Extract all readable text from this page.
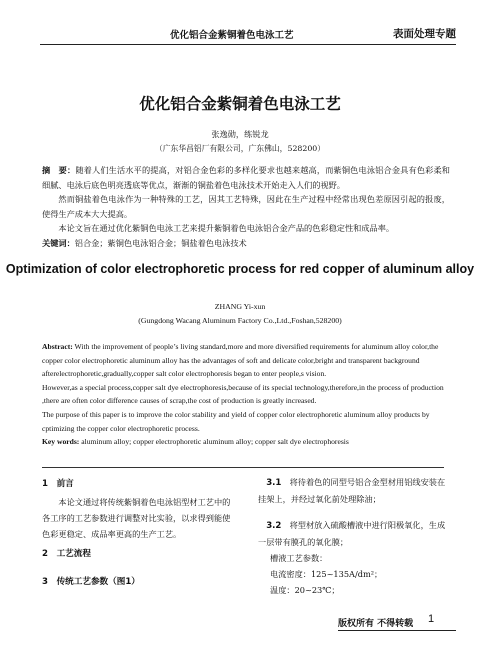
优化铝合金紫铜着色电泳工艺	表面处理专题
优化铝合金紫铜着色电泳工艺
张逸勋，练锐龙
（广东华昌铝厂有限公司，广东佛山，528200）

摘　要：随着人们生活水平的提高，对铝合金色彩的多样化要求也越来越高，而紫铜色电泳铝合金具有色彩柔和细腻、电泳后底色明亮透底等优点，渐渐的铜盐着色电泳技术开始走入人们的视野。

然而铜盐着色电泳作为一种特殊的工艺，因其工艺特殊，因此在生产过程中经常出现色差原因引起的报废，使得生产成本大大提高。

本论文旨在通过优化紫铜色电泳工艺来提升紫铜着色电泳铝合金产品的色彩稳定性和成品率。

关键词：铝合金；紫铜色电泳铝合金；铜盐着色电泳技术

Optimization of color electrophoretic process for red copper of aluminum alloy
ZHANG Yi-xun
(Gungdong Wacang Aluminum Factory Co.,Ltd.,Foshan,528200)

Abstract: With the improvement of people’s living standard,more and more diversified requirements for aluminum alloy color,the copper color electrophoretic aluminum alloy has the advantages of soft and delicate color,bright and transparent background afterelectrophoretic,gradually,copper salt color electrophoresis began to enter people,s vision.

However,as a special process,copper salt dye electrophoresis,because of its special technology,therefore,in the process of production ,there are often color difference causes of scrap,the cost of production is greatly increased.

The purpose of this paper is to improve the color stability and yield of copper color electrophoretic aluminum alloy products by cptimizing the copper color electrophoretic process.

Key words: aluminum alloy; copper electrophoretic aluminum alloy; copper salt dye electrophoresis

1　前言

本论文通过将传统紫铜着色电泳铝型材工艺中的各工序的工艺参数进行调整对比实验，以求得到能使色彩更稳定、成品率更高的生产工艺。

2　工艺流程
3　传统工艺参数（图1）

3.1　将待着色的同型号铝合金型材用铝线安装在挂架上，并经过氧化前处理除油；

3.2　将型材放入硫酸槽液中进行阳极氧化，生成一层带有膜孔的氧化膜；

槽液工艺参数：

电流密度：125~135A/dm²；

温度：20~23℃；

版权所有 不得转载 1
